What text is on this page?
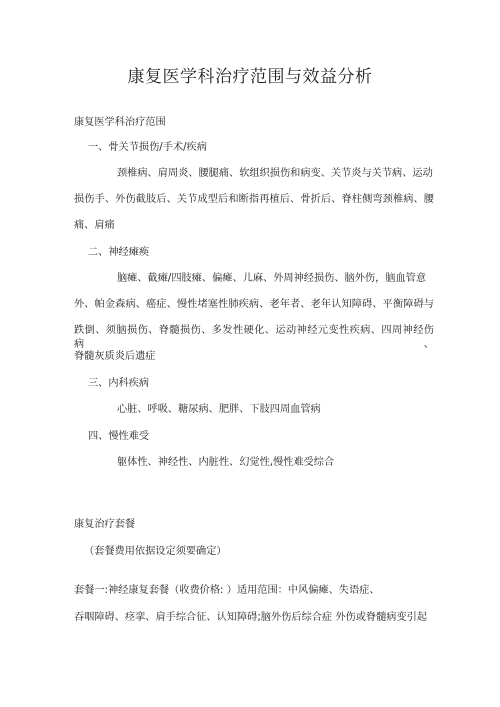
康复医学科治疗范围与效益分析
康复医学科治疗范围
一、骨关节损伤/手术/疾病
颈椎病、肩周炎、腰腿痛、软组织损伤和病变、关节炎与关节病、运动
损伤手、外伤截肢后、关节成型后和断指再植后、骨折后、脊柱侧弯颈椎病、腰
痛、肩痛
二、神经瘫痪
脑瘫、截瘫/四肢瘫、偏瘫、儿麻、外周神经损伤、脑外伤，脑血管意
外、帕金森病、癌症、慢性堵塞性肺疾病、老年者、老年认知障碍、平衡障碍与
跌倒、须脑损伤、脊髓损伤、多发性硬化、运动神经元变性疾病、四周神经伤病、
脊髓灰质炎后遗症
三、内科疾病
心脏、呼吸、糖尿病、肥胖、下肢四周血管病
四、慢性难受
躯体性、神经性、内脏性、幻觉性,慢性难受综合
康复治疗套餐
（套餐费用依据设定须要确定）
套餐一:神经康复套餐（收费价格: ）适用范围：中风偏瘫、失语症、
吞咽障碍、痉挛、肩手综合征、认知障碍;脑外伤后综合症 外伤或脊髓病变引起
